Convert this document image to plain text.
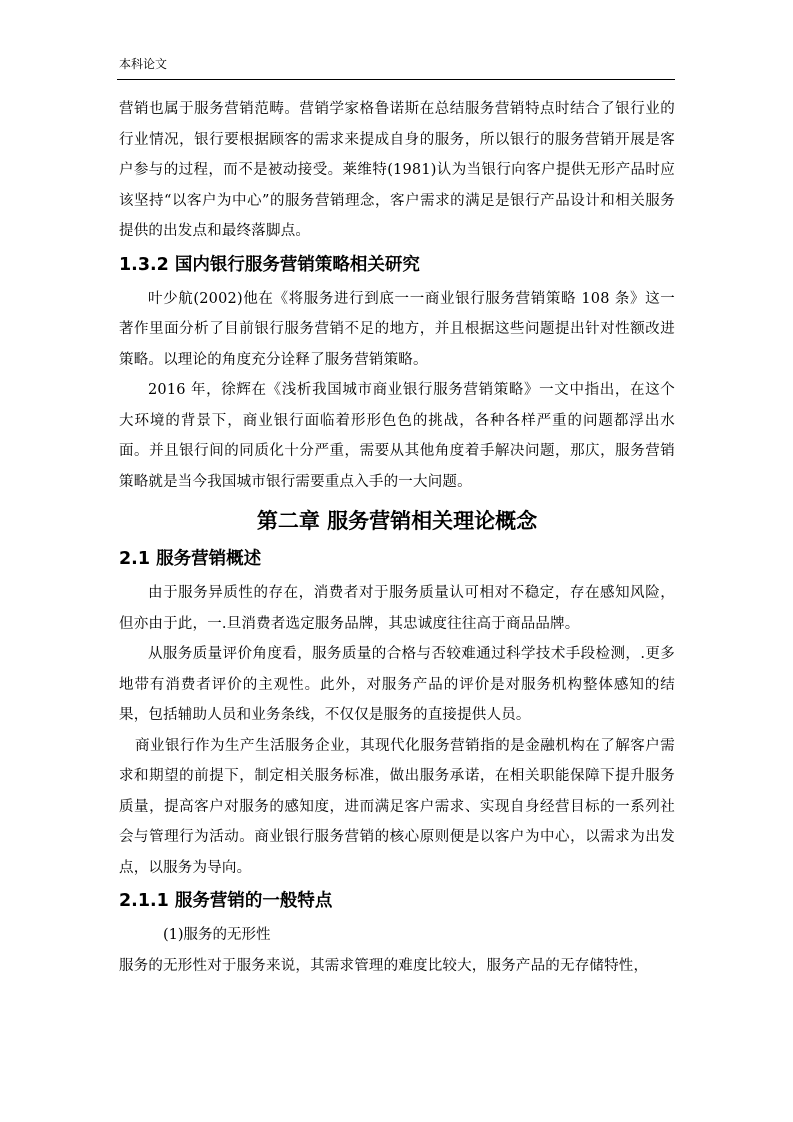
本科论文

营销也属于服务营销范畴。营销学家格鲁诺斯在总结服务营销特点时结合了银行业的行业情况，银行要根据顾客的需求来提成自身的服务，所以银行的服务营销开展是客户参与的过程，而不是被动接受。莱维特(1981)认为当银行向客户提供无形产品时应该坚持“以客户为中心”的服务营销理念，客户需求的满足是银行产品设计和相关服务提供的出发点和最终落脚点。

1.3.2 国内银行服务营销策略相关研究

叶少航(2002)他在《将服务进行到底一一商业银行服务营销策略 108 条》这一著作里面分析了目前银行服务营销不足的地方，并且根据这些问题提出针对性额改进策略。以理论的角度充分诠释了服务营销策略。

2016 年，徐辉在《浅析我国城市商业银行服务营销策略》一文中指出，在这个大环境的背景下，商业银行面临着形形色色的挑战，各种各样严重的问题都浮出水面。并且银行间的同质化十分严重，需要从其他角度着手解决问题，那庂，服务营销策略就是当今我国城市银行需要重点入手的一大问题。

第二章 服务营销相关理论概念
2.1 服务营销概述

由于服务异质性的存在，消费者对于服务质量认可相对不稳定，存在感知风险，但亦由于此，一.旦消费者选定服务品牌，其忠诚度往往高于商品品牌。

从服务质量评价角度看，服务质量的合格与否较难通过科学技术手段检测，.更多地带有消费者评价的主观性。此外，对服务产品的评价是对服务机构整体感知的结果，包括辅助人员和业务条线，不仅仅是服务的直接提供人员。

商业银行作为生产生活服务企业，其现代化服务营销指的是金融机构在了解客户需求和期望的前提下，制定相关服务标准，做出服务承诺，在相关职能保障下提升服务质量，提高客户对服务的感知度，进而满足客户需求、实现自身经营目标的一系列社会与管理行为活动。商业银行服务营销的核心原则便是以客户为中心，以需求为出发点，以服务为导向。

2.1.1 服务营销的一般特点

(1)服务的无形性

服务的无形性对于服务来说，其需求管理的难度比较大，服务产品的无存储特性，
